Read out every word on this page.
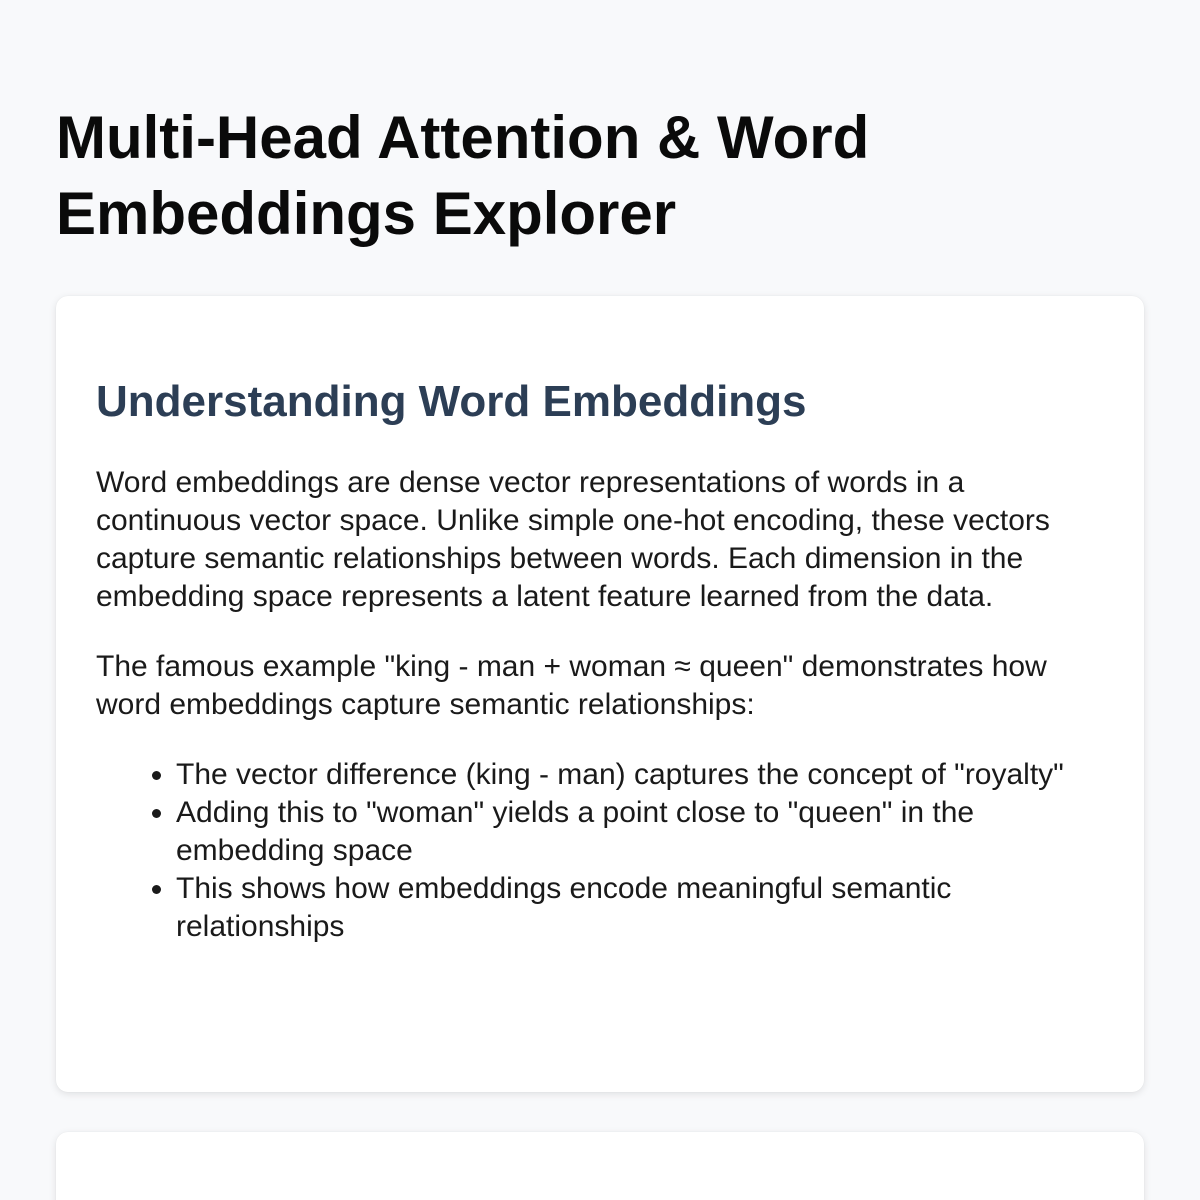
Multi-Head Attention & Word Embeddings Explorer
Understanding Word Embeddings

Word embeddings are dense vector representations of words in a continuous vector space. Unlike simple one-hot encoding, these vectors capture semantic relationships between words. Each dimension in the embedding space represents a latent feature learned from the data.

The famous example "king - man + woman ≈ queen" demonstrates how word embeddings capture semantic relationships:

• The vector difference (king - man) captures the concept of "royalty"
• Adding this to "woman" yields a point close to "queen" in the embedding space
• This shows how embeddings encode meaningful semantic relationships
